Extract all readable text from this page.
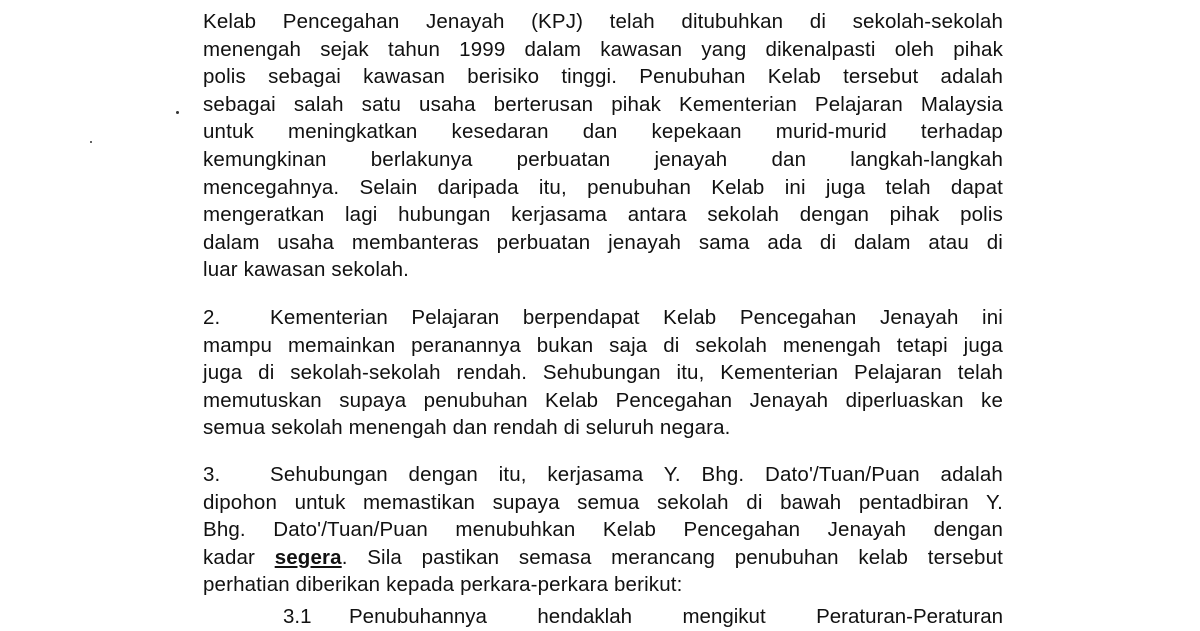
Kelab Pencegahan Jenayah (KPJ) telah ditubuhkan di sekolah-sekolah
menengah sejak tahun 1999 dalam kawasan yang dikenalpasti oleh pihak
polis sebagai kawasan berisiko tinggi. Penubuhan Kelab tersebut adalah
sebagai salah satu usaha berterusan pihak Kementerian Pelajaran Malaysia
untuk meningkatkan kesedaran dan kepekaan murid-murid terhadap
kemungkinan berlakunya perbuatan jenayah dan langkah-langkah
mencegahnya. Selain daripada itu, penubuhan Kelab ini juga telah dapat
mengeratkan lagi hubungan kerjasama antara sekolah dengan pihak polis
dalam usaha membanteras perbuatan jenayah sama ada di dalam atau di
luar kawasan sekolah.
2. Kementerian Pelajaran berpendapat Kelab Pencegahan Jenayah ini
mampu memainkan peranannya bukan saja di sekolah menengah tetapi juga
juga di sekolah-sekolah rendah. Sehubungan itu, Kementerian Pelajaran telah
memutuskan supaya penubuhan Kelab Pencegahan Jenayah diperluaskan ke
semua sekolah menengah dan rendah di seluruh negara.
3. Sehubungan dengan itu, kerjasama Y. Bhg. Dato'/Tuan/Puan adalah
dipohon untuk memastikan supaya semua sekolah di bawah pentadbiran Y.
Bhg. Dato'/Tuan/Puan menubuhkan Kelab Pencegahan Jenayah dengan
kadar segera. Sila pastikan semasa merancang penubuhan kelab tersebut
perhatian diberikan kepada perkara-perkara berikut:
3.1 Penubuhannya hendaklah mengikut Peraturan-Peraturan
